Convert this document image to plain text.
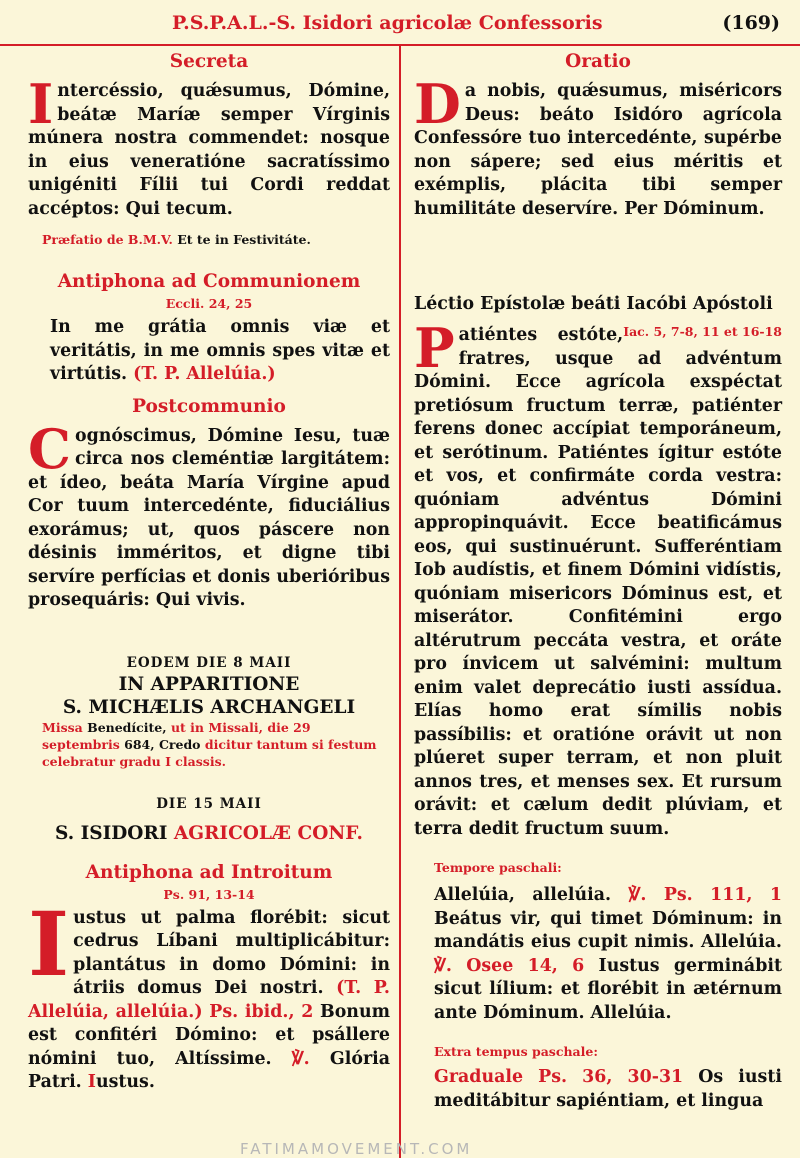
P.S.P.A.L.-S. Isidori agricolæ Confessoris	(169)
Secreta

Intercéssio, quǽsumus, Dómine, beátæ Maríæ semper Vírginis múnera nostra commendet: nosque in eius veneratióne sacratíssimo unigéniti Fílii tui Cordi reddat accéptos: Qui tecum.

Præfatio de B.M.V. Et te in Festivitáte.
Antiphona ad Communionem
Eccli. 24, 25

In me grátia omnis viæ et veritátis, in me omnis spes vitæ et virtútis. (T. P. Allelúia.)

Postcommunio

Cognóscimus, Dómine Iesu, tuæ circa nos cleméntiæ largitátem: et ídeo, beáta María Vírgine apud Cor tuum intercedénte, fiduciálius exorámus; ut, quos páscere non désinis imméritos, et digne tibi servíre perfícias et donis uberióribus prosequáris: Qui vivis.

EODEM DIE 8 MAII
IN APPARITIONE
S. MICHÆLIS ARCHANGELI
Missa Benedícite, ut in Missali, die 29 septembris 684, Credo dicitur tantum si festum celebratur gradu I classis.
DIE 15 MAII
S. ISIDORI AGRICOLÆ CONF.
Antiphona ad Introitum
Ps. 91, 13-14

Iustus ut palma florébit: sicut cedrus Líbani multiplicábitur: plantátus in domo Dómini: in átriis domus Dei nostri. (T. P. Allelúia, allelúia.) Ps. ibid., 2 Bonum est confitéri Dómino: et psállere nómini tuo, Altíssime. ℣. Glória Patri. Iustus.

Oratio

Da nobis, quǽsumus, miséricors Deus: beáto Isidóro agrícola Confessóre tuo intercedénte, supérbe non sápere; sed eius méritis et exémplis, plácita tibi semper humilitáte deservíre. Per Dóminum.

Léctio Epístolæ beáti Iacóbi Apóstoli
Iac. 5, 7-8, 11 et 16-18

Patiéntes estóte, fratres, usque ad advéntum Dómini. Ecce agrícola exspéctat pretiósum fructum terræ, patiénter ferens donec accípiat temporáneum, et serótinum. Patiéntes ígitur estóte et vos, et confirmáte corda vestra: quóniam advéntus Dómini appropinquávit. Ecce beatificámus eos, qui sustinuérunt. Sufferéntiam Iob audístis, et finem Dómini vidístis, quóniam misericors Dóminus est, et miserátor. Confitémini ergo altérutrum peccáta vestra, et oráte pro ínvicem ut salvémini: multum enim valet deprecátio iusti assídua. Elías homo erat símilis nobis passíbilis: et oratióne orávit ut non plúeret super terram, et non pluit annos tres, et menses sex. Et rursum orávit: et cælum dedit plúviam, et terra dedit fructum suum.

Tempore paschali:

Allelúia, allelúia. ℣. Ps. 111, 1 Beátus vir, qui timet Dóminum: in mandátis eius cupit nimis. Allelúia. ℣. Osee 14, 6 Iustus germinábit sicut lílium: et florébit in ætérnum ante Dóminum. Allelúia.

Extra tempus paschale:

Graduale Ps. 36, 30-31 Os iusti meditábitur sapiéntiam, et lingua

FATIMAMOVEMENT.COM
